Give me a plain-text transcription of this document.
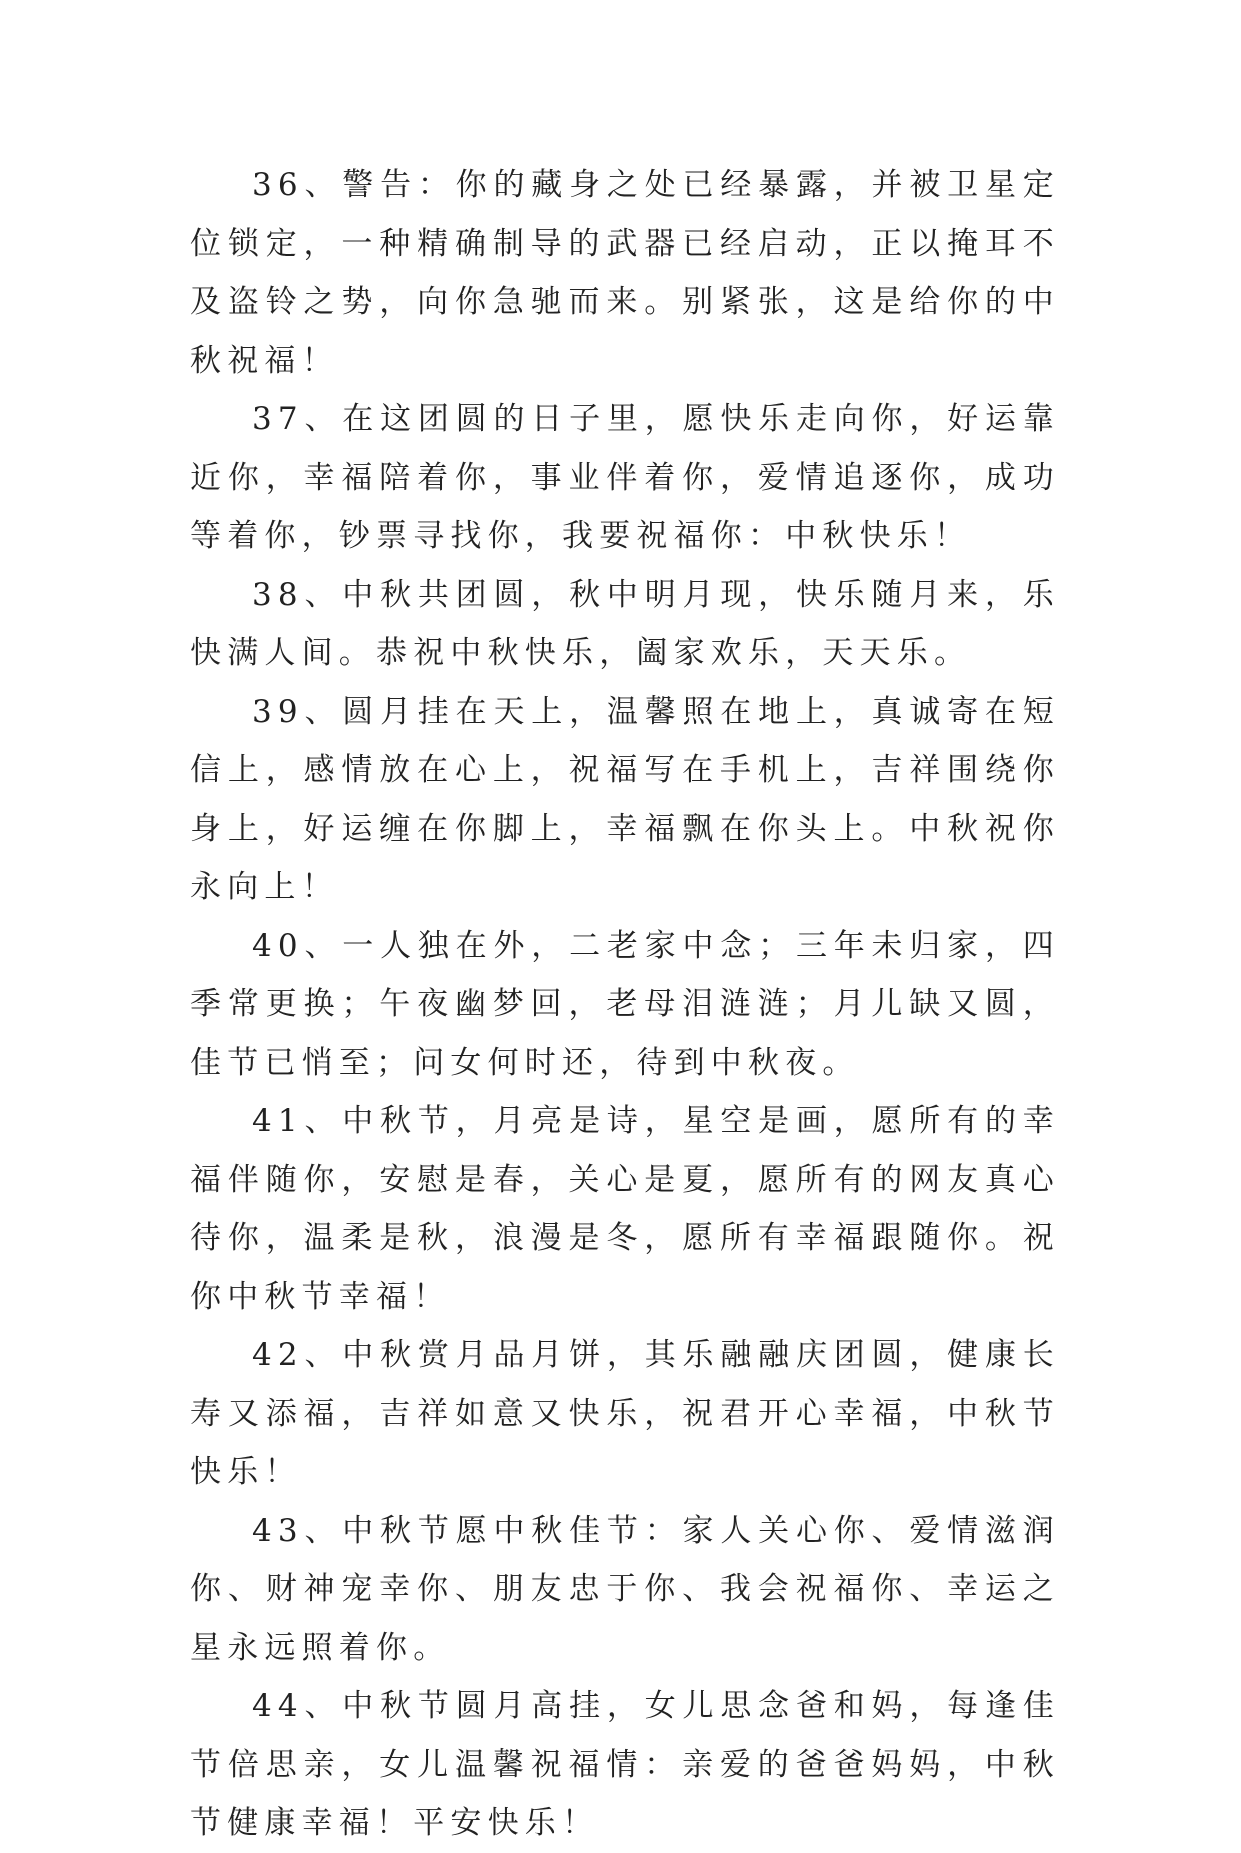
36、警告：你的藏身之处已经暴露，并被卫星定位锁定，一种精确制导的武器已经启动，正以掩耳不及盗铃之势，向你急驰而来。别紧张，这是给你的中秋祝福！

37、在这团圆的日子里，愿快乐走向你，好运靠近你，幸福陪着你，事业伴着你，爱情追逐你，成功等着你，钞票寻找你，我要祝福你：中秋快乐！

38、中秋共团圆，秋中明月现，快乐随月来，乐快满人间。恭祝中秋快乐，阖家欢乐，天天乐。

39、圆月挂在天上，温馨照在地上，真诚寄在短信上，感情放在心上，祝福写在手机上，吉祥围绕你身上，好运缠在你脚上，幸福飘在你头上。中秋祝你永向上！

40、一人独在外，二老家中念；三年未归家，四季常更换；午夜幽梦回，老母泪涟涟；月儿缺又圆，佳节已悄至；问女何时还，待到中秋夜。

41、中秋节，月亮是诗，星空是画，愿所有的幸福伴随你，安慰是春，关心是夏，愿所有的网友真心待你，温柔是秋，浪漫是冬，愿所有幸福跟随你。祝你中秋节幸福！

42、中秋赏月品月饼，其乐融融庆团圆，健康长寿又添福，吉祥如意又快乐，祝君开心幸福，中秋节快乐！

43、中秋节愿中秋佳节：家人关心你、爱情滋润你、财神宠幸你、朋友忠于你、我会祝福你、幸运之星永远照着你。

44、中秋节圆月高挂，女儿思念爸和妈，每逢佳节倍思亲，女儿温馨祝福情：亲爱的爸爸妈妈，中秋节健康幸福！平安快乐！
